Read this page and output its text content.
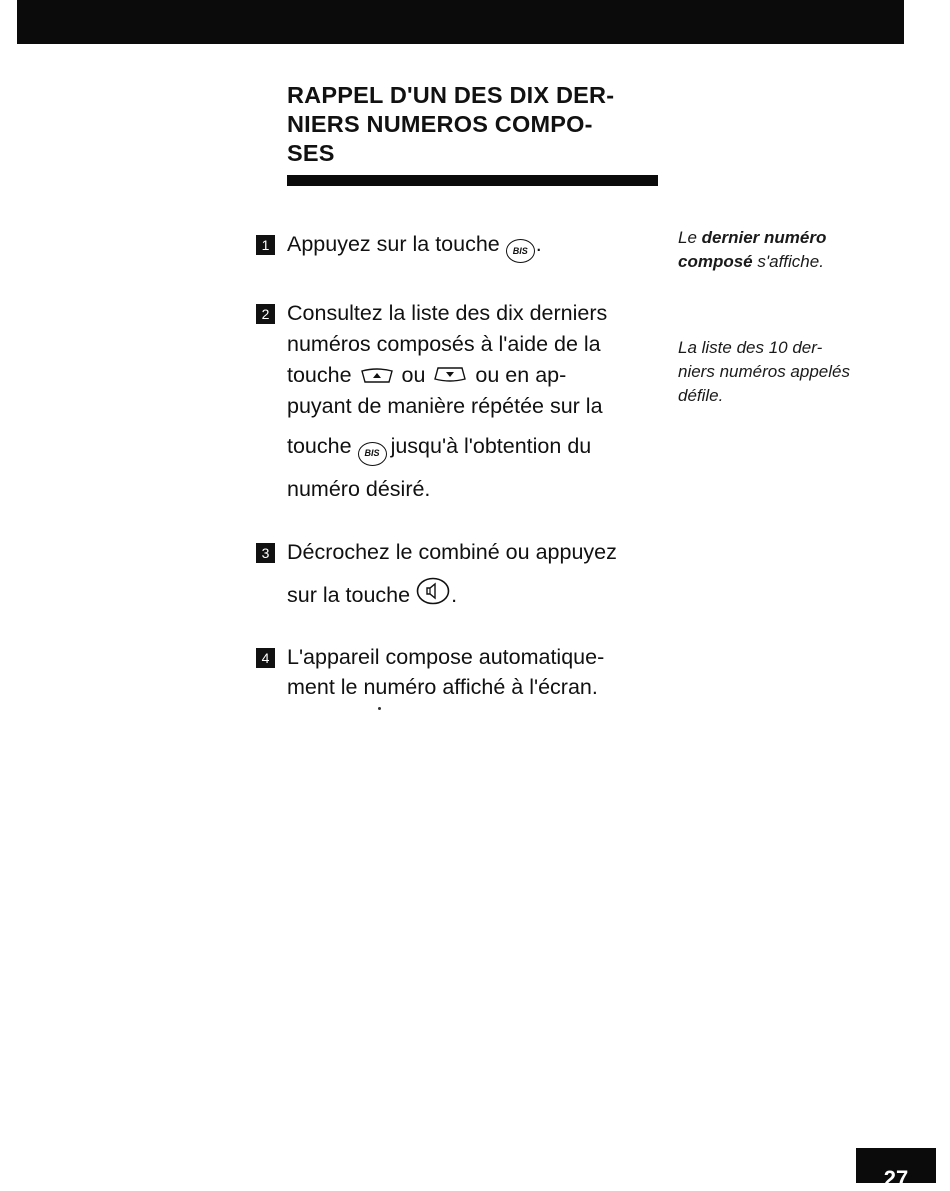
RAPPEL D'UN DES DIX DER-
NIERS NUMEROS COMPO-
SES
1 Appuyez sur la touche BIS .
2 Consultez la liste des dix derniers
numéros composés à l'aide de la
touche ou ou en ap-
puyant de manière répétée sur la

touche BIS jusqu'à l'obtention du

numéro désiré.
3 Décrochez le combiné ou appuyez

sur la touche .
4 L'appareil compose automatique-
ment le numéro affiché à l'écran.
Le dernier numéro composé s'affiche.
La liste des 10 der-
niers numéros appelés
défile.
27
